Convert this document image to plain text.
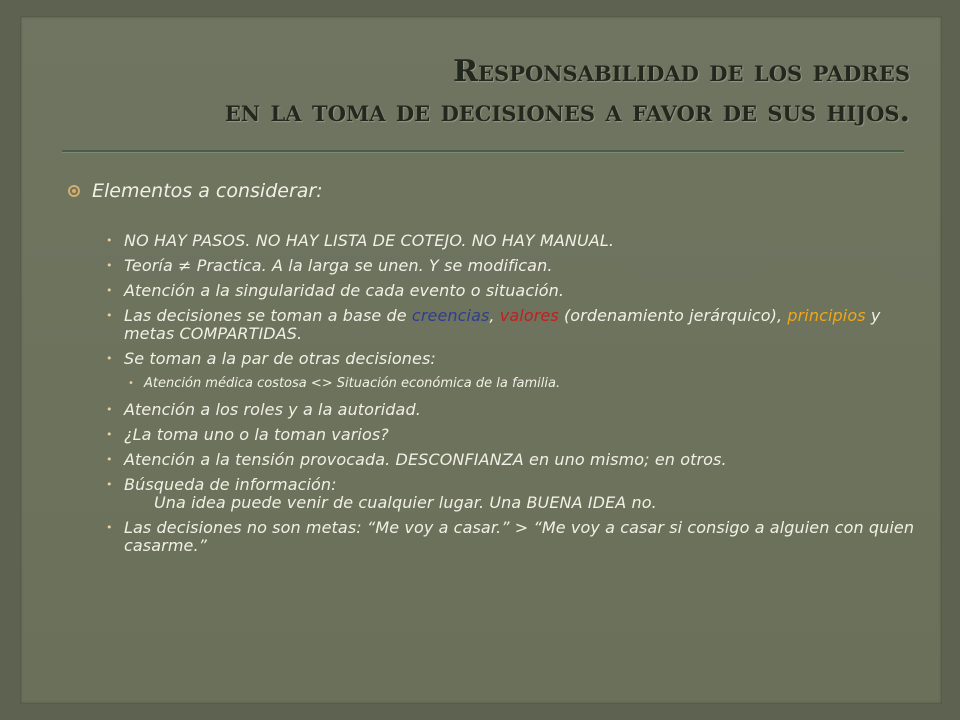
Responsabilidad de los padres
en la toma de decisiones a favor de sus hijos.
Elementos a considerar:
• NO HAY PASOS. NO HAY LISTA DE COTEJO. NO HAY MANUAL.
• Teoría ≠ Practica. A la larga se unen. Y se modifican.
• Atención a la singularidad de cada evento o situación.
• Las decisiones se toman a base de creencias, valores (ordenamiento jerárquico), principios y metas COMPARTIDAS.
• Se toman a la par de otras decisiones:
• Atención médica costosa <> Situación económica de la familia.
• Atención a los roles y a la autoridad.
• ¿La toma uno o la toman varios?
• Atención a la tensión provocada. DESCONFIANZA en uno mismo; en otros.
• Búsqueda de información:
Una idea puede venir de cualquier lugar. Una BUENA IDEA no.
• Las decisiones no son metas: “Me voy a casar.” > “Me voy a casar si consigo a alguien con quien casarme.”
